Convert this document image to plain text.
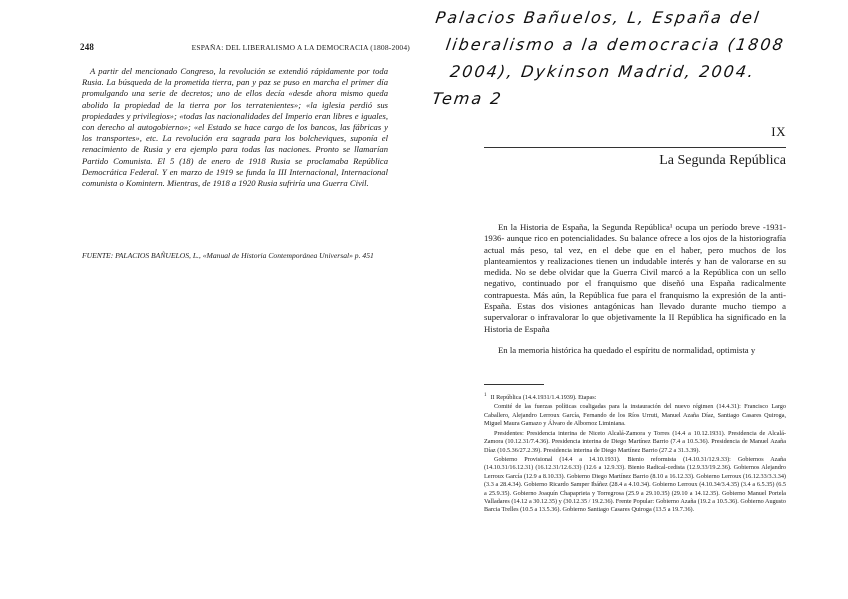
248	ESPAÑA: DEL LIBERALISMO A LA DEMOCRACIA (1808-2004)
A partir del mencionado Congreso, la revolución se extendió rápidamente por toda Rusia. La búsqueda de la prometida tierra, pan y paz se puso en marcha el primer día promulgando una serie de decretos; uno de ellos decía «desde ahora mismo queda abolido la propiedad de la tierra por los terratenientes»; «la iglesia perdió sus propiedades y privilegios»; «todas las nacionalidades del Imperio eran libres e iguales, con derecho al autogobierno»; «el Estado se hace cargo de los bancos, las fábricas y los transportes», etc. La revolución era sagrada para los bolcheviques, suponía el renacimiento de Rusia y era ejemplo para todas las naciones. Pronto se llamarían Partido Comunista. El 5 (18) de enero de 1918 Rusia se proclamaba República Democrática Federal. Y en marzo de 1919 se funda la III Internacional, Internacional comunista o Komintern. Mientras, de 1918 a 1920 Rusia sufriría una Guerra Civil.
FUENTE: PALACIOS BAÑUELOS, L., «Manual de Historia Contemporánea Universal» p. 451
Palacios Bañuelos, L, España del
liberalismo a la democracia (1808
2004), Dykinson Madrid, 2004.
Tema 2
IX
La Segunda República

En la Historia de España, la Segunda República¹ ocupa un período breve -1931-1936- aunque rico en potencialidades. Su balance ofrece a los ojos de la historiografía actual más peso, tal vez, en el debe que en el haber, pero muchos de los planteamientos y realizaciones tienen un indudable interés y han de valorarse en su medida. No se debe olvidar que la Guerra Civil marcó a la República con un sello negativo, continuado por el franquismo que diseñó una España radicalmente contrapuesta. Más aún, la República fue para el franquismo la expresión de la anti-España. Estas dos visiones antagónicas han llevado durante mucho tiempo a supervalorar o infravalorar lo que objetivamente la II República ha significado en la Historia de España

En la memoria histórica ha quedado el espíritu de normalidad, optimista y

$^1$ II República (14.4.1931/1.4.1939). Etapas:

Comité de las fuerzas políticas coaligadas para la instauración del nuevo régimen (14.4.31): Francisco Largo Caballero, Alejandro Lerroux García, Fernando de los Ríos Urruti, Manuel Azaña Díaz, Santiago Casares Quiroga, Miguel Maura Gamazo y Álvaro de Albornoz Liminiana.

Presidentes: Presidencia interina de Niceto Alcalá-Zamora y Torres (14.4 a 10.12.1931). Presidencia de Alcalá-Zamora (10.12.31/7.4.36). Presidencia interina de Diego Martínez Barrio (7.4 a 10.5.36). Presidencia de Manuel Azaña Díaz (10.5.36/27.2.39). Presidencia interina de Diego Martínez Barrio (27.2 a 31.3.39).

Gobierno Provisional (14.4 a 14.10.1931). Bienio reformista (14.10.31/12.9.33): Gobiernos Azaña (14.10.31/16.12.31) (16.12.31/12.6.33) (12.6 a 12.9.33). Bienio Radical-cedista (12.9.33/19.2.36). Gobiernos Alejandro Lerroux García (12.9 a 8.10.33). Gobierno Diego Martínez Barrio (8.10 a 16.12.33). Gobierno Lerroux (16.12.33/3.3.34) (3.3 a 28.4.34). Gobierno Ricardo Samper Ibáñez (28.4 a 4.10.34). Gobierno Lerroux (4.10.34/3.4.35) (3.4 a 6.5.35) (6.5 a 25.9.35). Gobierno Joaquín Chapaprieta y Torregrosa (25.9 a 29.10.35) (29.10 a 14.12.35). Gobierno Manuel Portela Valladares (14.12 a 30.12.35) y (30.12.35 / 19.2.36). Frente Popular: Gobierno Azaña (19.2 a 10.5.36). Gobierno Augusto Barcia Trelles (10.5 a 13.5.36). Gobierno Santiago Casares Quiroga (13.5 a 19.7.36).
